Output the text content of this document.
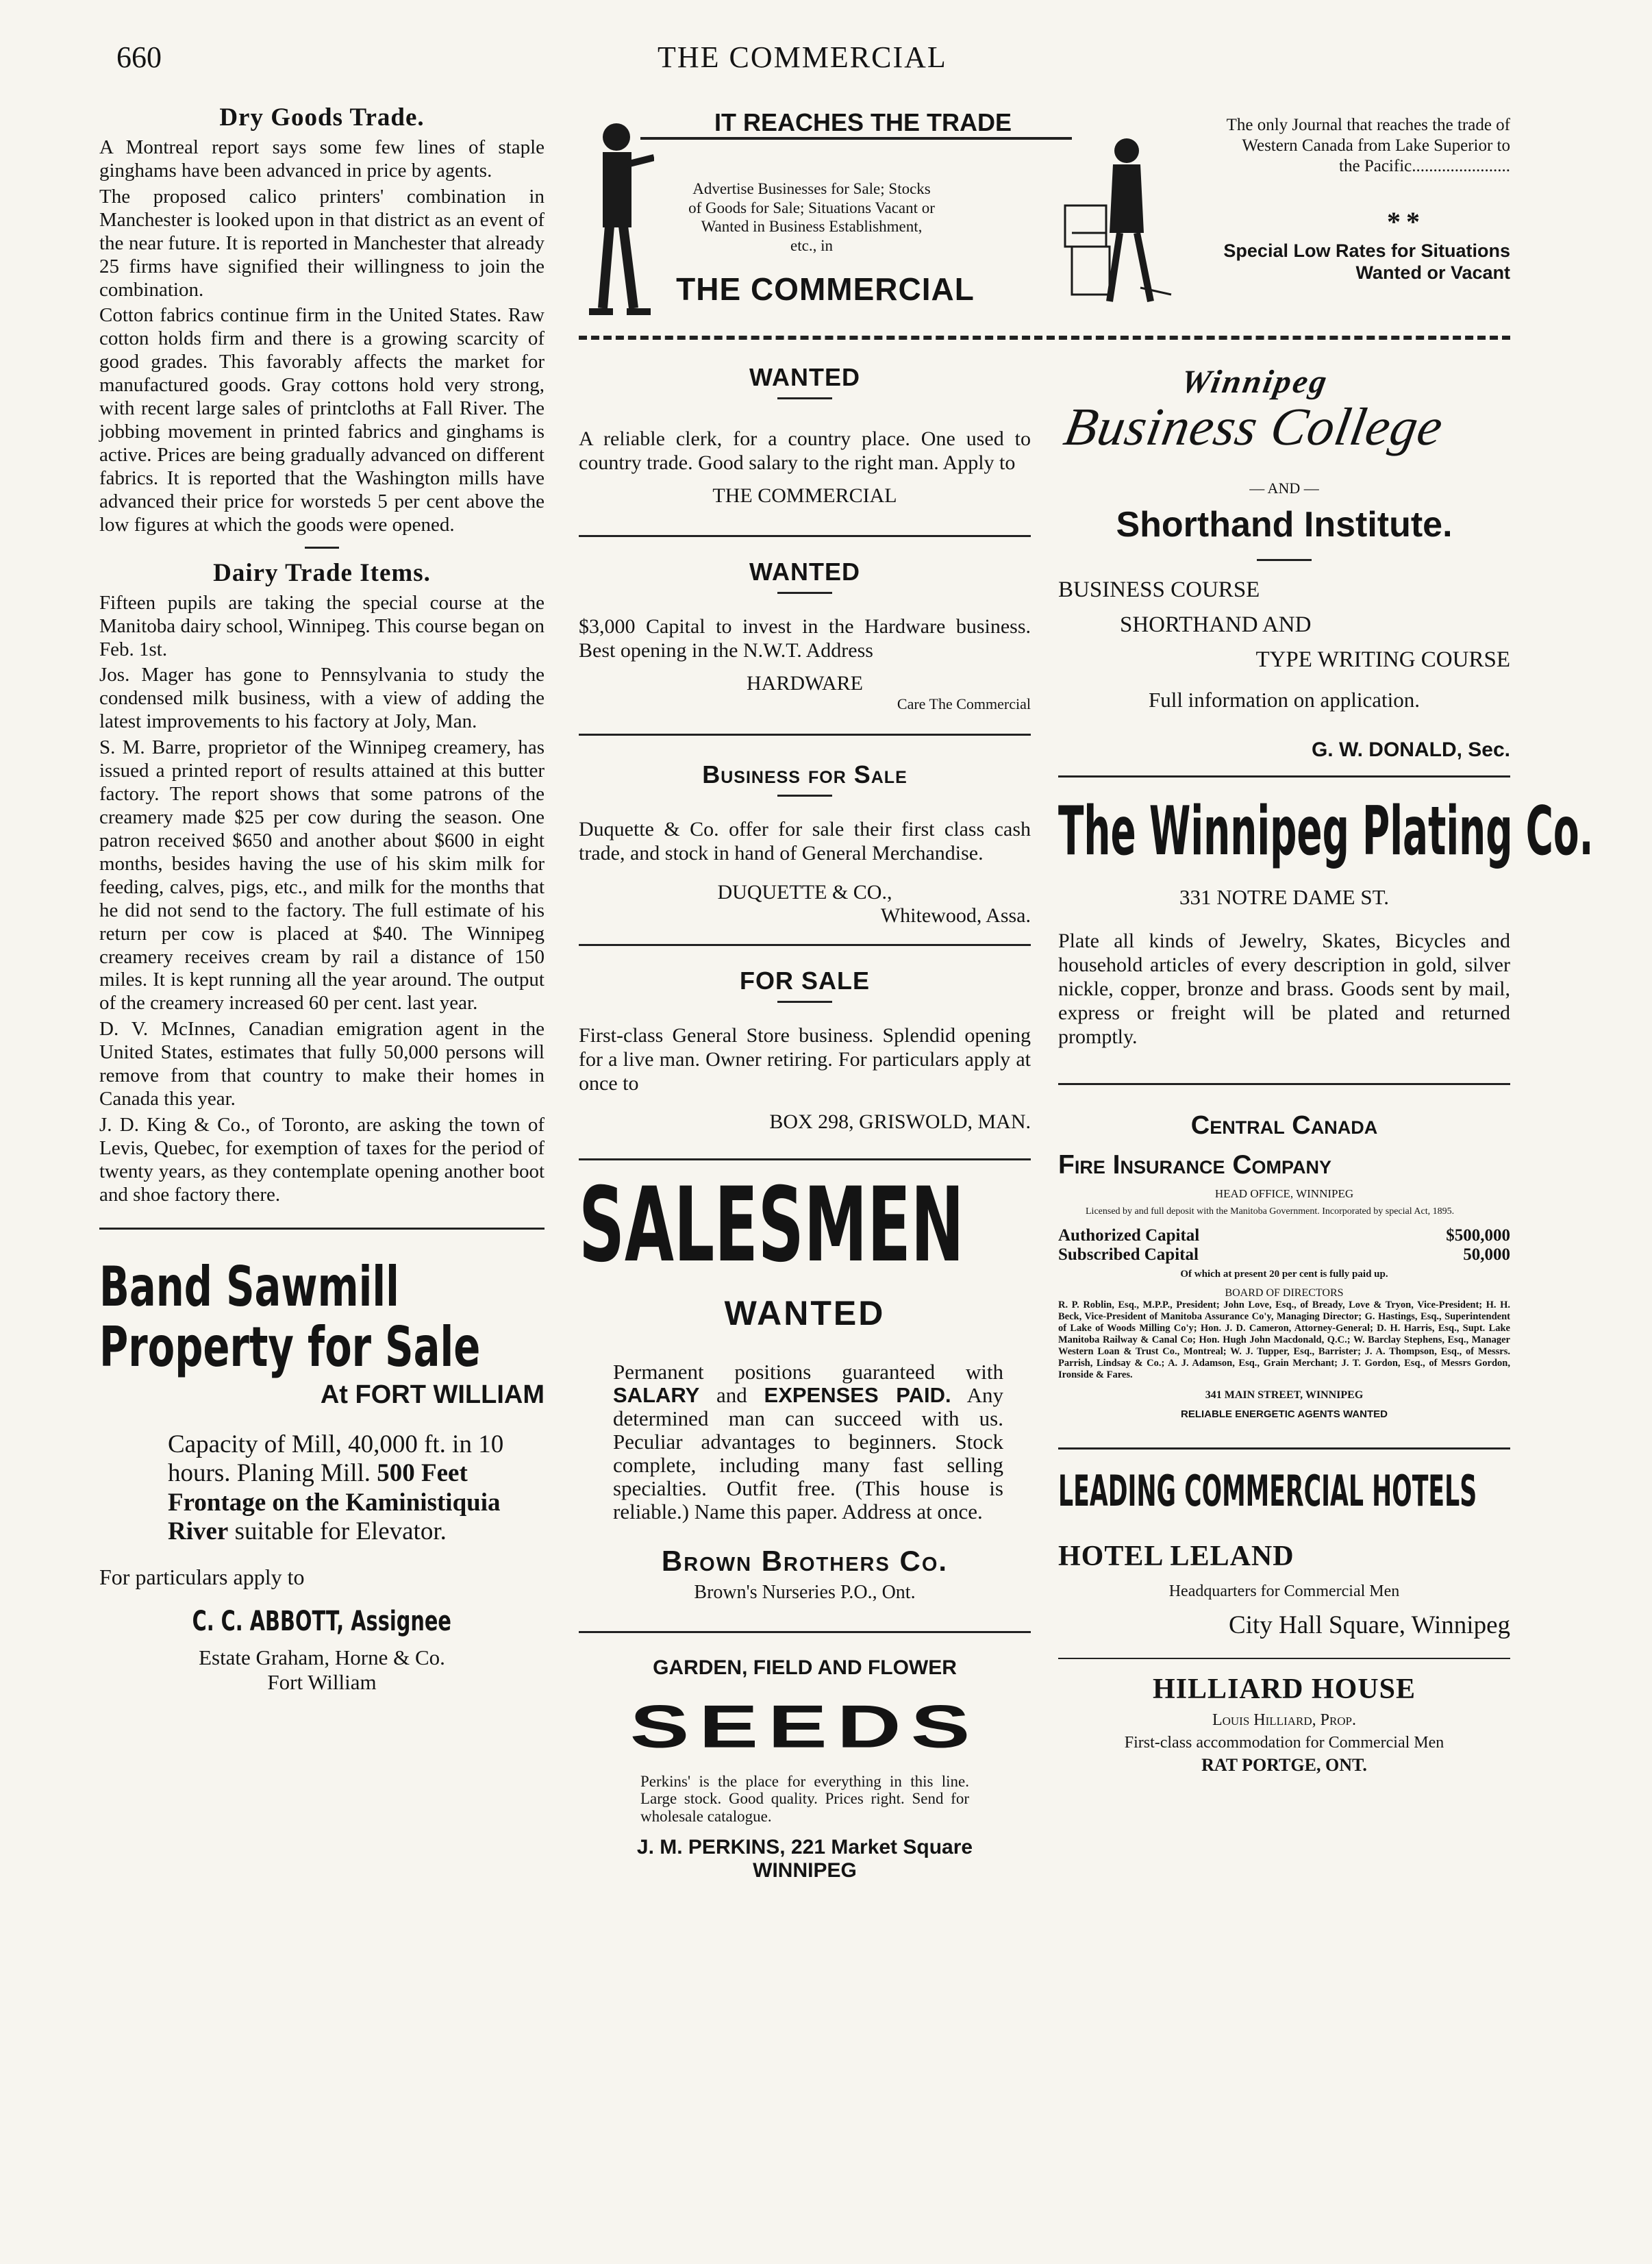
660	THE COMMERCIAL
Dry Goods Trade.

A Montreal report says some few lines of staple ginghams have been advanced in price by agents.

The proposed calico printers' combination in Manchester is looked upon in that district as an event of the near future. It is reported in Manchester that already 25 firms have signified their willingness to join the combination.

Cotton fabrics continue firm in the United States. Raw cotton holds firm and there is a growing scarcity of good grades. This favorably affects the market for manufactured goods. Gray cottons hold very strong, with recent large sales of printcloths at Fall River. The jobbing movement in printed fabrics and ginghams is active. Prices are being gradually advanced on different fabrics. It is reported that the Washington mills have advanced their price for worsteds 5 per cent above the low figures at which the goods were opened.

Dairy Trade Items.

Fifteen pupils are taking the special course at the Manitoba dairy school, Winnipeg. This course began on Feb. 1st.

Jos. Mager has gone to Pennsylvania to study the condensed milk business, with a view of adding the latest improvements to his factory at Joly, Man.

S. M. Barre, proprietor of the Winnipeg creamery, has issued a printed report of results attained at this butter factory. The report shows that some patrons of the creamery made $25 per cow during the season. One patron received $650 and another about $600 in eight months, besides having the use of his skim milk for feeding, calves, pigs, etc., and milk for the months that he did not send to the factory. The full estimate of his return per cow is placed at $40. The Winnipeg creamery receives cream by rail a distance of 150 miles. It is kept running all the year around. The output of the creamery increased 60 per cent. last year.

D. V. McInnes, Canadian emigration agent in the United States, estimates that fully 50,000 persons will remove from that country to make their homes in Canada this year.

J. D. King & Co., of Toronto, are asking the town of Levis, Quebec, for exemption of taxes for the period of twenty years, as they contemplate opening another boot and shoe factory there.

Band Sawmill
Property for Sale
At FORT WILLIAM
Capacity of Mill, 40,000 ft. in 10 hours. Planing Mill. 500 Feet Frontage on the Kaministiquia River suitable for Elevator.
For particulars apply to
C. C. ABBOTT, Assignee
Estate Graham, Horne & Co.
Fort William
IT REACHES THE TRADE
Advertise Businesses for Sale; Stocks of Goods for Sale; Situations Vacant or Wanted in Business Establishment, etc., in
THE COMMERCIAL
The only Journal that reaches the trade of Western Canada from Lake Superior to the Pacific.......................
**
Special Low Rates for Situations Wanted or Vacant
WANTED

A reliable clerk, for a country place. One used to country trade. Good salary to the right man. Apply to

THE COMMERCIAL
WANTED

$3,000 Capital to invest in the Hardware business. Best opening in the N.W.T. Address

HARDWARE
Care The Commercial
Business for Sale

Duquette & Co. offer for sale their first class cash trade, and stock in hand of General Merchandise.

DUQUETTE & CO.,
Whitewood, Assa.
FOR SALE

First-class General Store business. Splendid opening for a live man. Owner retiring. For particulars apply at once to

BOX 298, GRISWOLD, MAN.
SALESMEN
WANTED

Permanent positions guaranteed with SALARY and EXPENSES PAID. Any determined man can succeed with us. Peculiar advantages to beginners. Stock complete, including many fast selling specialties. Outfit free. (This house is reliable.) Name this paper. Address at once.

Brown Brothers Co.
Brown's Nurseries P.O., Ont.
GARDEN, FIELD AND FLOWER
SEEDS

Perkins' is the place for everything in this line. Large stock. Good quality. Prices right. Send for wholesale catalogue.

J. M. PERKINS, 221 Market Square
WINNIPEG
Winnipeg
Business College
— AND —
Shorthand Institute.
BUSINESS COURSE
SHORTHAND AND
TYPE WRITING COURSE
Full information on application.
G. W. DONALD, Sec.
The Winnipeg Plating Co.
331 NOTRE DAME ST.

Plate all kinds of Jewelry, Skates, Bicycles and household articles of every description in gold, silver nickle, copper, bronze and brass. Goods sent by mail, express or freight will be plated and returned promptly.

Central Canada
Fire Insurance Company
HEAD OFFICE, WINNIPEG

Licensed by and full deposit with the Manitoba Government. Incorporated by special Act, 1895.

Authorized Capital	$500,000
Subscribed Capital	50,000
Of which at present 20 per cent is fully paid up.
BOARD OF DIRECTORS

R. P. Roblin, Esq., M.P.P., President; John Love, Esq., of Bready, Love & Tryon, Vice-President; H. H. Beck, Vice-President of Manitoba Assurance Co'y, Managing Director; G. Hastings, Esq., Superintendent of Lake of Woods Milling Co'y; Hon. J. D. Cameron, Attorney-General; D. H. Harris, Esq., Supt. Lake Manitoba Railway & Canal Co; Hon. Hugh John Macdonald, Q.C.; W. Barclay Stephens, Esq., Manager Western Loan & Trust Co., Montreal; W. J. Tupper, Esq., Barrister; J. A. Thompson, Esq., of Messrs. Parrish, Lindsay & Co.; A. J. Adamson, Esq., Grain Merchant; J. T. Gordon, Esq., of Messrs Gordon, Ironside & Fares.

341 MAIN STREET, WINNIPEG
RELIABLE ENERGETIC AGENTS WANTED
LEADING COMMERCIAL HOTELS
HOTEL LELAND
Headquarters for Commercial Men
City Hall Square, Winnipeg
HILLIARD HOUSE
Louis Hilliard, Prop.
First-class accommodation for Commercial Men
RAT PORTGE, ONT.
